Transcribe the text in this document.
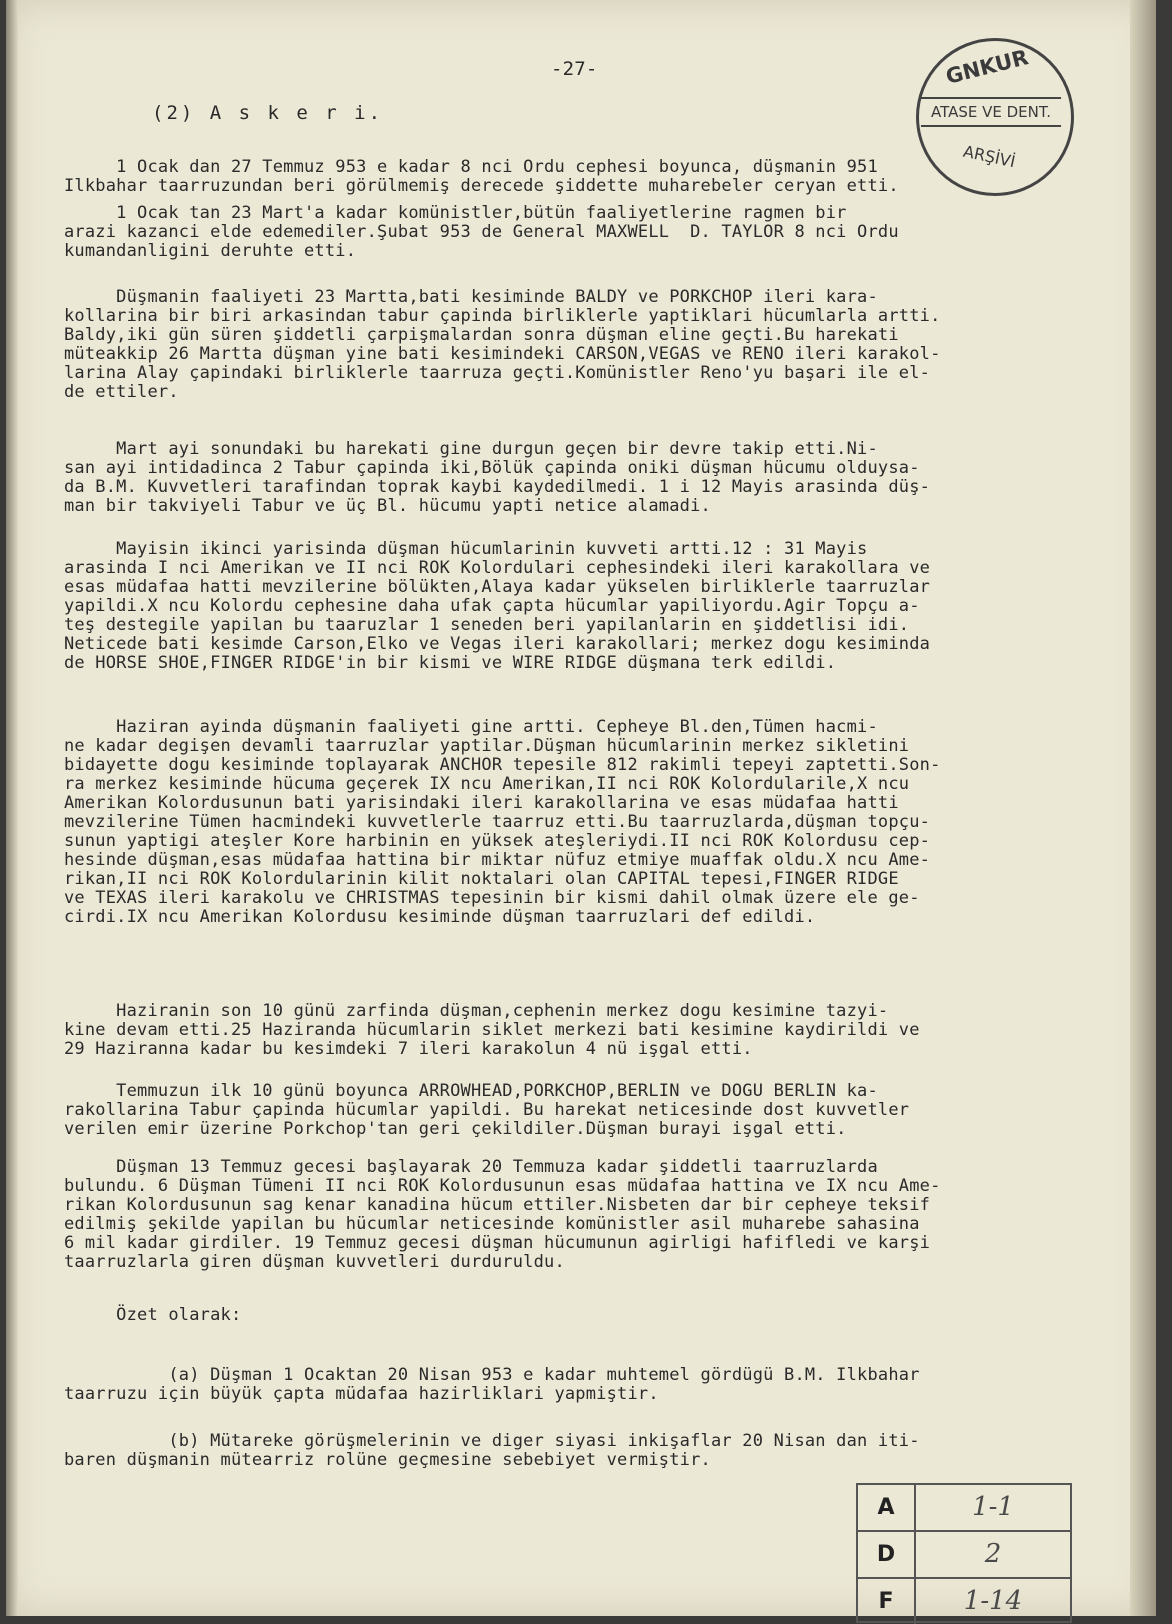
-27-
(2) A s k e r i.
GNKUR
ATASE VE DENT.
ARŞİVİ
1 Ocak dan 27 Temmuz 953 e kadar 8 nci Ordu cephesi boyunca, düşmanin 951
Ilkbahar taarruzundan beri görülmemiş derecede şiddette muharebeler ceryan etti.
1 Ocak tan 23 Mart'a kadar komünistler,bütün faaliyetlerine ragmen bir
arazi kazanci elde edemediler.Şubat 953 de General MAXWELL  D. TAYLOR 8 nci Ordu
kumandanligini deruhte etti.
Düşmanin faaliyeti 23 Martta,bati kesiminde BALDY ve PORKCHOP ileri kara-
kollarina bir biri arkasindan tabur çapinda birliklerle yaptiklari hücumlarla artti.
Baldy,iki gün süren şiddetli çarpişmalardan sonra düşman eline geçti.Bu harekati
müteakkip 26 Martta düşman yine bati kesimindeki CARSON,VEGAS ve RENO ileri karakol-
larina Alay çapindaki birliklerle taarruza geçti.Komünistler Reno'yu başari ile el-
de ettiler.
Mart ayi sonundaki bu harekati gine durgun geçen bir devre takip etti.Ni-
san ayi intidadinca 2 Tabur çapinda iki,Bölük çapinda oniki düşman hücumu olduysa-
da B.M. Kuvvetleri tarafindan toprak kaybi kaydedilmedi. 1 i 12 Mayis arasinda düş-
man bir takviyeli Tabur ve üç Bl. hücumu yapti netice alamadi.
Mayisin ikinci yarisinda düşman hücumlarinin kuvveti artti.12 : 31 Mayis
arasinda I nci Amerikan ve II nci ROK Kolordulari cephesindeki ileri karakollara ve
esas müdafaa hatti mevzilerine bölükten,Alaya kadar yükselen birliklerle taarruzlar
yapildi.X ncu Kolordu cephesine daha ufak çapta hücumlar yapiliyordu.Agir Topçu a-
teş destegile yapilan bu taaruzlar 1 seneden beri yapilanlarin en şiddetlisi idi.
Neticede bati kesimde Carson,Elko ve Vegas ileri karakollari; merkez dogu kesiminda
de HORSE SHOE,FINGER RIDGE'in bir kismi ve WIRE RIDGE düşmana terk edildi.
Haziran ayinda düşmanin faaliyeti gine artti. Cepheye Bl.den,Tümen hacmi-
ne kadar degişen devamli taarruzlar yaptilar.Düşman hücumlarinin merkez sikletini
bidayette dogu kesiminde toplayarak ANCHOR tepesile 812 rakimli tepeyi zaptetti.Son-
ra merkez kesiminde hücuma geçerek IX ncu Amerikan,II nci ROK Kolordularile,X ncu
Amerikan Kolordusunun bati yarisindaki ileri karakollarina ve esas müdafaa hatti
mevzilerine Tümen hacmindeki kuvvetlerle taarruz etti.Bu taarruzlarda,düşman topçu-
sunun yaptigi ateşler Kore harbinin en yüksek ateşleriydi.II nci ROK Kolordusu cep-
hesinde düşman,esas müdafaa hattina bir miktar nüfuz etmiye muaffak oldu.X ncu Ame-
rikan,II nci ROK Kolordularinin kilit noktalari olan CAPITAL tepesi,FINGER RIDGE
ve TEXAS ileri karakolu ve CHRISTMAS tepesinin bir kismi dahil olmak üzere ele ge-
cirdi.IX ncu Amerikan Kolordusu kesiminde düşman taarruzlari def edildi.
Haziranin son 10 günü zarfinda düşman,cephenin merkez dogu kesimine tazyi-
kine devam etti.25 Haziranda hücumlarin siklet merkezi bati kesimine kaydirildi ve
29 Haziranna kadar bu kesimdeki 7 ileri karakolun 4 nü işgal etti.
Temmuzun ilk 10 günü boyunca ARROWHEAD,PORKCHOP,BERLIN ve DOGU BERLIN ka-
rakollarina Tabur çapinda hücumlar yapildi. Bu harekat neticesinde dost kuvvetler
verilen emir üzerine Porkchop'tan geri çekildiler.Düşman burayi işgal etti.
Düşman 13 Temmuz gecesi başlayarak 20 Temmuza kadar şiddetli taarruzlarda
bulundu. 6 Düşman Tümeni II nci ROK Kolordusunun esas müdafaa hattina ve IX ncu Ame-
rikan Kolordusunun sag kenar kanadina hücum ettiler.Nisbeten dar bir cepheye teksif
edilmiş şekilde yapilan bu hücumlar neticesinde komünistler asil muharebe sahasina
6 mil kadar girdiler. 19 Temmuz gecesi düşman hücumunun agirligi hafifledi ve karşi
taarruzlarla giren düşman kuvvetleri durduruldu.
Özet olarak:
(a) Düşman 1 Ocaktan 20 Nisan 953 e kadar muhtemel gördügü B.M. Ilkbahar
taarruzu için büyük çapta müdafaa hazirliklari yapmiştir.
(b) Mütareke görüşmelerinin ve diger siyasi inkişaflar 20 Nisan dan iti-
baren düşmanin mütearriz rolüne geçmesine sebebiyet vermiştir.
A	1-1
D	2
F	1-14
